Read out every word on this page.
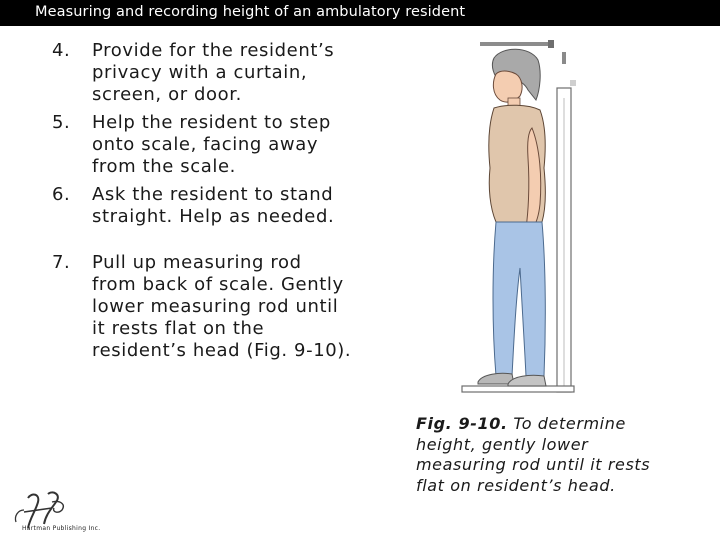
Measuring and recording height of an ambulatory resident
4.	Provide for the resident’s privacy with a curtain, screen, or door.
5.	Help the resident to step onto scale, facing away from the scale.
6.	Ask the resident to stand straight. Help as needed.
7.	Pull up measuring rod from back of scale. Gently lower measuring rod until it rests flat on the resident’s head (Fig. 9-10).
Fig. 9-10. To determine height, gently lower measuring rod until it rests flat on resident’s head.
Hartman Publishing Inc.
